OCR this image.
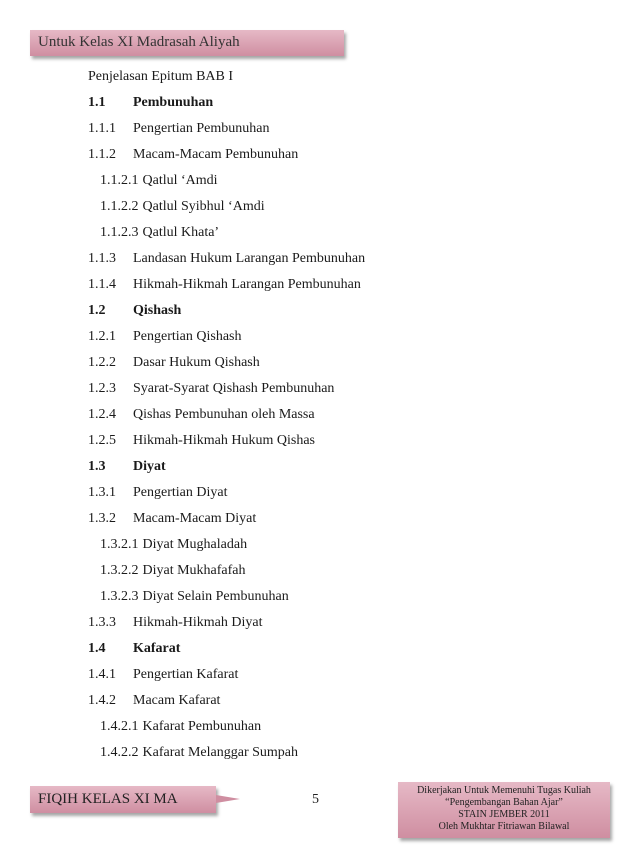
Untuk Kelas XI Madrasah Aliyah
Penjelasan Epitum BAB I
1.1 Pembunuhan
1.1.1 Pengertian Pembunuhan
1.1.2 Macam-Macam Pembunuhan
1.1.2.1 Qatlul ‘Amdi
1.1.2.2 Qatlul Syibhul ‘Amdi
1.1.2.3 Qatlul Khata’
1.1.3 Landasan Hukum Larangan Pembunuhan
1.1.4 Hikmah-Hikmah Larangan Pembunuhan
1.2 Qishash
1.2.1 Pengertian Qishash
1.2.2 Dasar Hukum Qishash
1.2.3 Syarat-Syarat Qishash Pembunuhan
1.2.4 Qishas Pembunuhan oleh Massa
1.2.5 Hikmah-Hikmah Hukum Qishas
1.3 Diyat
1.3.1 Pengertian Diyat
1.3.2 Macam-Macam Diyat
1.3.2.1 Diyat Mughaladah
1.3.2.2 Diyat Mukhafafah
1.3.2.3 Diyat Selain Pembunuhan
1.3.3 Hikmah-Hikmah Diyat
1.4 Kafarat
1.4.1 Pengertian Kafarat
1.4.2 Macam Kafarat
1.4.2.1 Kafarat Pembunuhan
1.4.2.2 Kafarat Melanggar Sumpah
FIQIH KELAS XI MA	5
Dikerjakan Untuk Memenuhi Tugas Kuliah
“Pengembangan Bahan Ajar”
STAIN JEMBER 2011
Oleh Mukhtar Fitriawan Bilawal
